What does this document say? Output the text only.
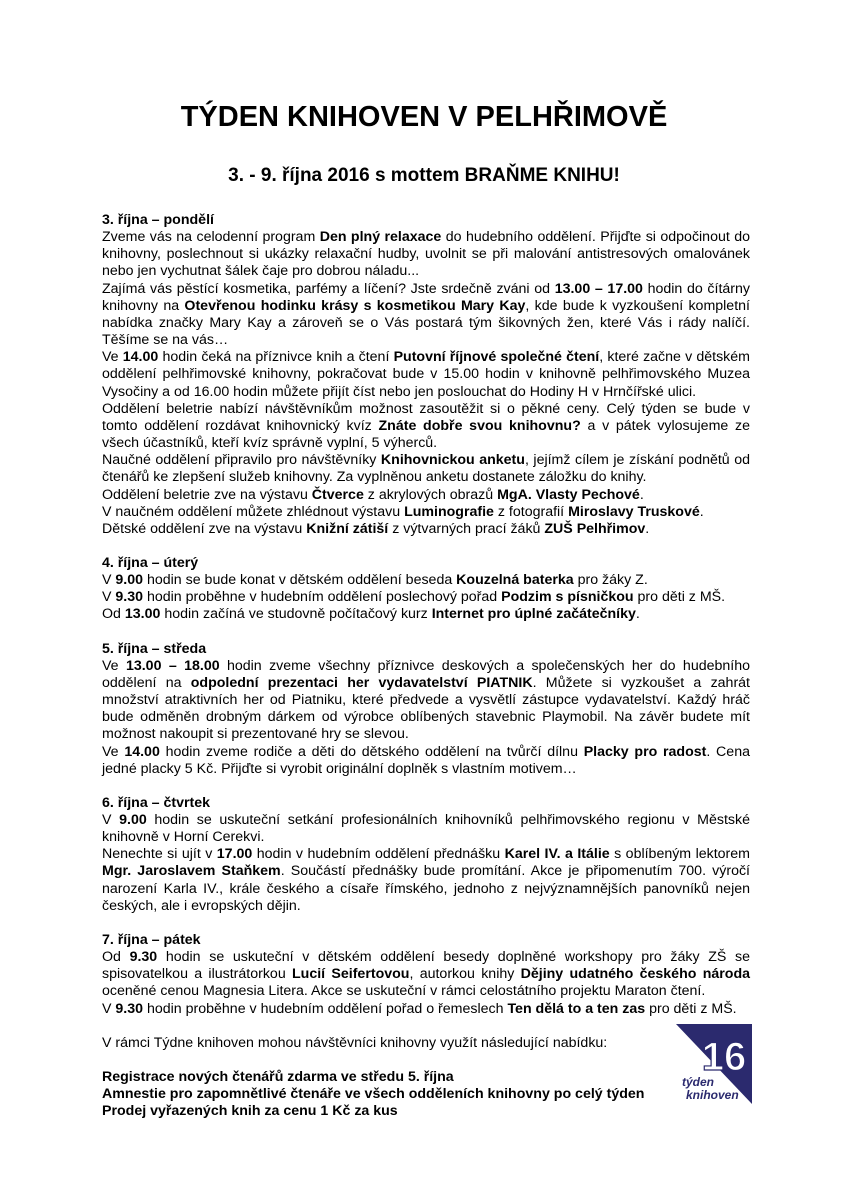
TÝDEN KNIHOVEN V PELHŘIMOVĚ
3. - 9. října 2016 s mottem BRAŇME KNIHU!

3. října – pondělí

Zveme vás na celodenní program Den plný relaxace do hudebního oddělení. Přijďte si odpočinout do knihovny, poslechnout si ukázky relaxační hudby, uvolnit se při malování antistresových omalovánek nebo jen vychutnat šálek čaje pro dobrou náladu...

Zajímá vás pěstící kosmetika, parfémy a líčení? Jste srdečně zváni od 13.00 – 17.00 hodin do čítárny knihovny na Otevřenou hodinku krásy s kosmetikou Mary Kay, kde bude k vyzkoušení kompletní nabídka značky Mary Kay a zároveň se o Vás postará tým šikovných žen, které Vás i rády nalíčí. Těšíme se na vás…

Ve 14.00 hodin čeká na příznivce knih a čtení Putovní říjnové společné čtení, které začne v dětském oddělení pelhřimovské knihovny, pokračovat bude v 15.00 hodin v knihovně pelhřimovského Muzea Vysočiny a od 16.00 hodin můžete přijít číst nebo jen poslouchat do Hodiny H v Hrnčířské ulici.

Oddělení beletrie nabízí návštěvníkům možnost zasoutěžit si o pěkné ceny. Celý týden se bude v tomto oddělení rozdávat knihovnický kvíz Znáte dobře svou knihovnu? a v pátek vylosujeme ze všech účastníků, kteří kvíz správně vyplní, 5 výherců.

Naučné oddělení připravilo pro návštěvníky Knihovnickou anketu, jejímž cílem je získání podnětů od čtenářů ke zlepšení služeb knihovny. Za vyplněnou anketu dostanete záložku do knihy.

Oddělení beletrie zve na výstavu Čtverce z akrylových obrazů MgA. Vlasty Pechové.

V naučném oddělení můžete zhlédnout výstavu Luminografie z fotografií Miroslavy Truskové.

Dětské oddělení zve na výstavu Knižní zátiší z výtvarných prací žáků ZUŠ Pelhřimov.

4. října – úterý

V 9.00 hodin se bude konat v dětském oddělení beseda Kouzelná baterka pro žáky Z.

V 9.30 hodin proběhne v hudebním oddělení poslechový pořad Podzim s písničkou pro děti z MŠ.

Od 13.00 hodin začíná ve studovně počítačový kurz Internet pro úplné začátečníky.

5. října – středa

Ve 13.00 – 18.00 hodin zveme všechny příznivce deskových a společenských her do hudebního oddělení na odpolední prezentaci her vydavatelství PIATNIK. Můžete si vyzkoušet a zahrát množství atraktivních her od Piatniku, které předvede a vysvětlí zástupce vydavatelství. Každý hráč bude odměněn drobným dárkem od výrobce oblíbených stavebnic Playmobil. Na závěr budete mít možnost nakoupit si prezentované hry se slevou.

Ve 14.00 hodin zveme rodiče a děti do dětského oddělení na tvůrčí dílnu Placky pro radost. Cena jedné placky 5 Kč. Přijďte si vyrobit originální doplněk s vlastním motivem…

6. října – čtvrtek

V 9.00 hodin se uskuteční setkání profesionálních knihovníků pelhřimovského regionu v Městské knihovně v Horní Cerekvi.

Nenechte si ujít v 17.00 hodin v hudebním oddělení přednášku Karel IV. a Itálie s oblíbeným lektorem Mgr. Jaroslavem Staňkem. Součástí přednášky bude promítání. Akce je připomenutím 700. výročí narození Karla IV., krále českého a císaře římského, jednoho z nejvýznamnějších panovníků nejen českých, ale i evropských dějin.

7. října – pátek

Od 9.30 hodin se uskuteční v dětském oddělení besedy doplněné workshopy pro žáky ZŠ se spisovatelkou a ilustrátorkou Lucií Seifertovou, autorkou knihy Dějiny udatného českého národa oceněné cenou Magnesia Litera. Akce se uskuteční v rámci celostátního projektu Maraton čtení.

V 9.30 hodin proběhne v hudebním oddělení pořad o řemeslech Ten dělá to a ten zas pro děti z MŠ.

V rámci Týdne knihoven mohou návštěvníci knihovny využít následující nabídku:

Registrace nových čtenářů zdarma ve středu 5. října

Amnestie pro zapomnětlivé čtenáře ve všech odděleních knihovny po celý týden

Prodej vyřazených knih za cenu 1 Kč za kus

16
týden
knihoven
